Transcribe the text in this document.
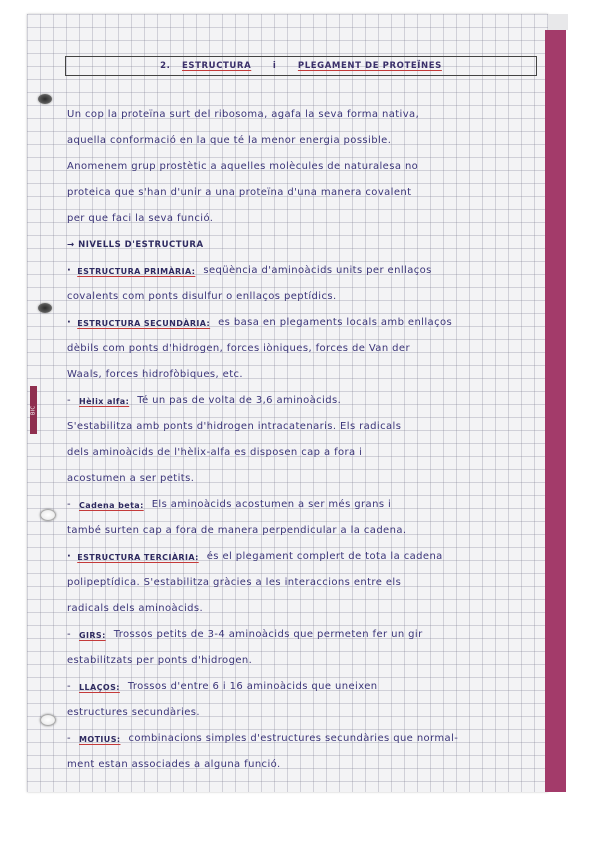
BIC
2. ESTRUCTURA	i	PLEGAMENT DE PROTEÏNES
Un cop la proteïna surt del ribosoma, agafa la seva forma nativa,
aquella conformació en la que té la menor energia possible.
Anomenem grup prostètic a aquelles molècules de naturalesa no
proteica que s'han d'unir a una proteïna d'una manera covalent
per que faci la seva funció.
→ NIVELLS D'ESTRUCTURA
· ESTRUCTURA PRIMÀRIA: seqüència d'aminoàcids units per enllaços
covalents com ponts disulfur o enllaços peptídics.
· ESTRUCTURA SECUNDÀRIA: es basa en plegaments locals amb enllaços
dèbils com ponts d'hidrogen, forces iòniques, forces de Van der
Waals, forces hidrofòbiques, etc.
- Hèlix alfa: Té un pas de volta de 3,6 aminoàcids.
S'estabilitza amb ponts d'hidrogen intracatenaris. Els radicals
dels aminoàcids de l'hèlix-alfa es disposen cap a fora i
acostumen a ser petits.
- Cadena beta: Els aminoàcids acostumen a ser més grans i
també surten cap a fora de manera perpendicular a la cadena.
· ESTRUCTURA TERCIÀRIA: és el plegament complert de tota la cadena
polipeptídica. S'estabilitza gràcies a les interaccions entre els
radicals dels aminoàcids.
- GIRS: Trossos petits de 3-4 aminoàcids que permeten fer un gir
estabilitzats per ponts d'hidrogen.
- LLAÇOS: Trossos d'entre 6 i 16 aminoàcids que uneixen
estructures secundàries.
- MOTIUS: combinacions simples d'estructures secundàries que normal-
ment estan associades a alguna funció.
